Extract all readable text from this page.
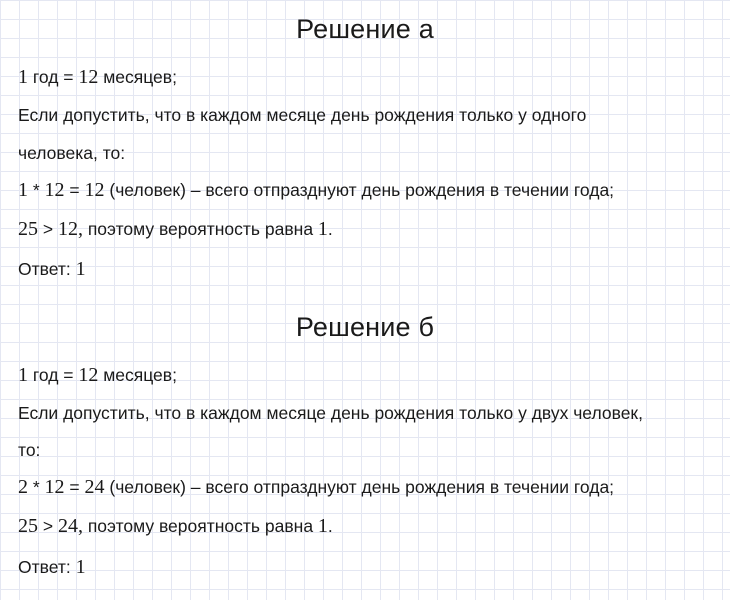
Решение а
1 год = 12 месяцев;
Если допустить, что в каждом месяце день рождения только у одного
человека, то:
1 * 12 = 12 (человек) – всего отпразднуют день рождения в течении года;
25 > 12, поэтому вероятность равна 1.
Ответ: 1
Решение б
1 год = 12 месяцев;
Если допустить, что в каждом месяце день рождения только у двух человек,
то:
2 * 12 = 24 (человек) – всего отпразднуют день рождения в течении года;
25 > 24, поэтому вероятность равна 1.
Ответ: 1
